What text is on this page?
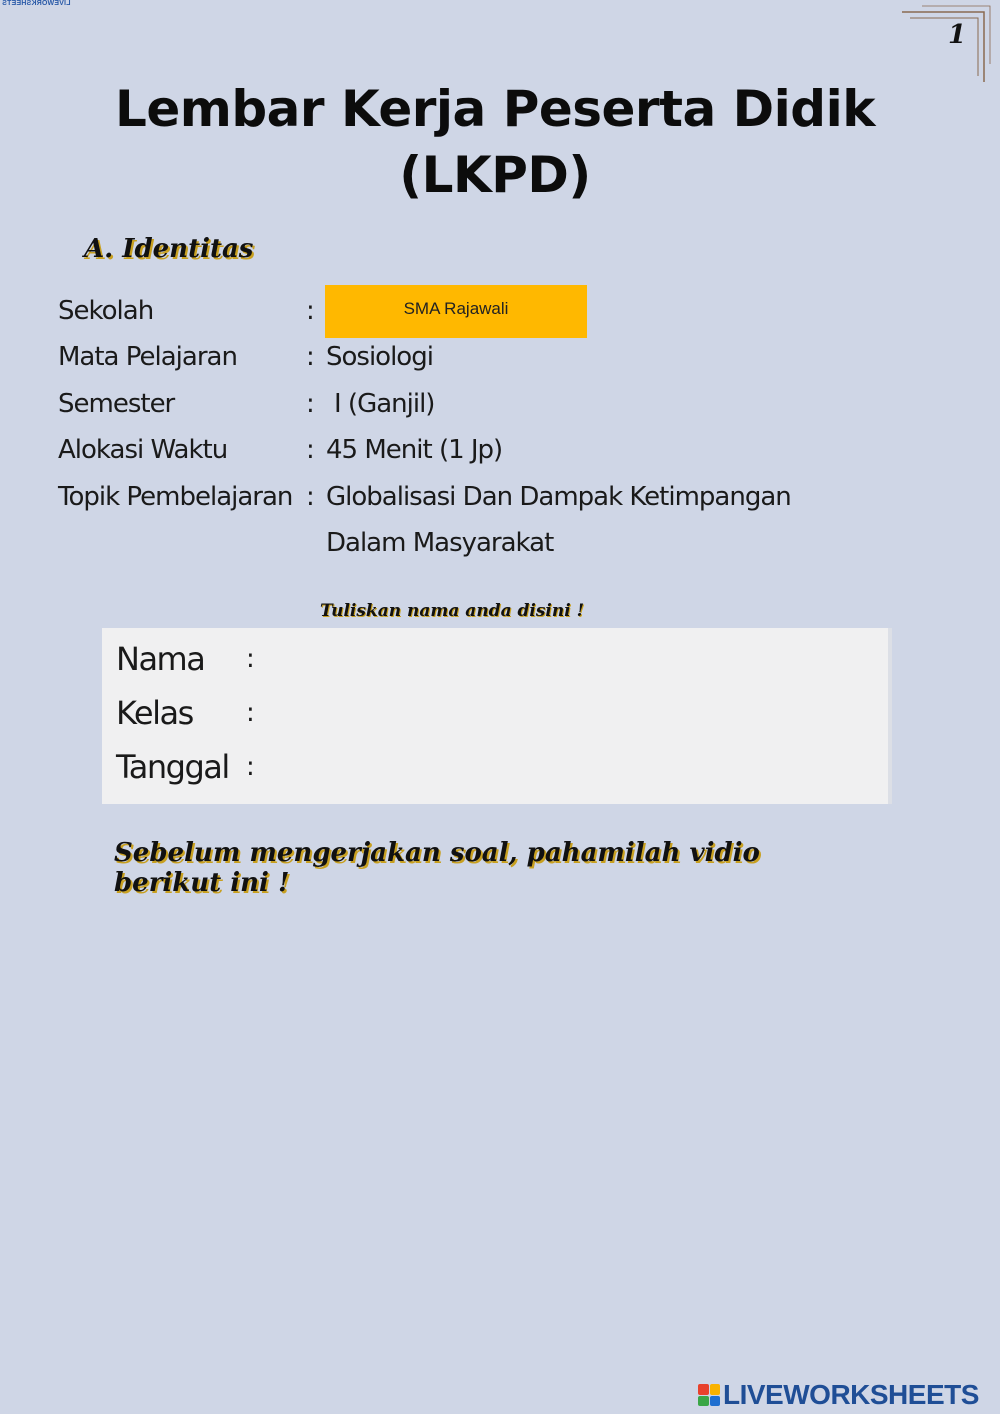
LIVEWORKSHEETS
1
Lembar Kerja Peserta Didik
(LKPD)
A. Identitas
Sekolah	:	SMA Rajawali
Mata Pelajaran	: Sosiologi
Semester	: I (Ganjil)
Alokasi Waktu	: 45 Menit (1 Jp)
Topik Pembelajaran : Globalisasi Dan Dampak Ketimpangan
Dalam Masyarakat
Tuliskan nama anda disini !
Nama :
Kelas :
Tanggal :
Sebelum mengerjakan soal, pahamilah vidio berikut ini !
LIVEWORKSHEETS
